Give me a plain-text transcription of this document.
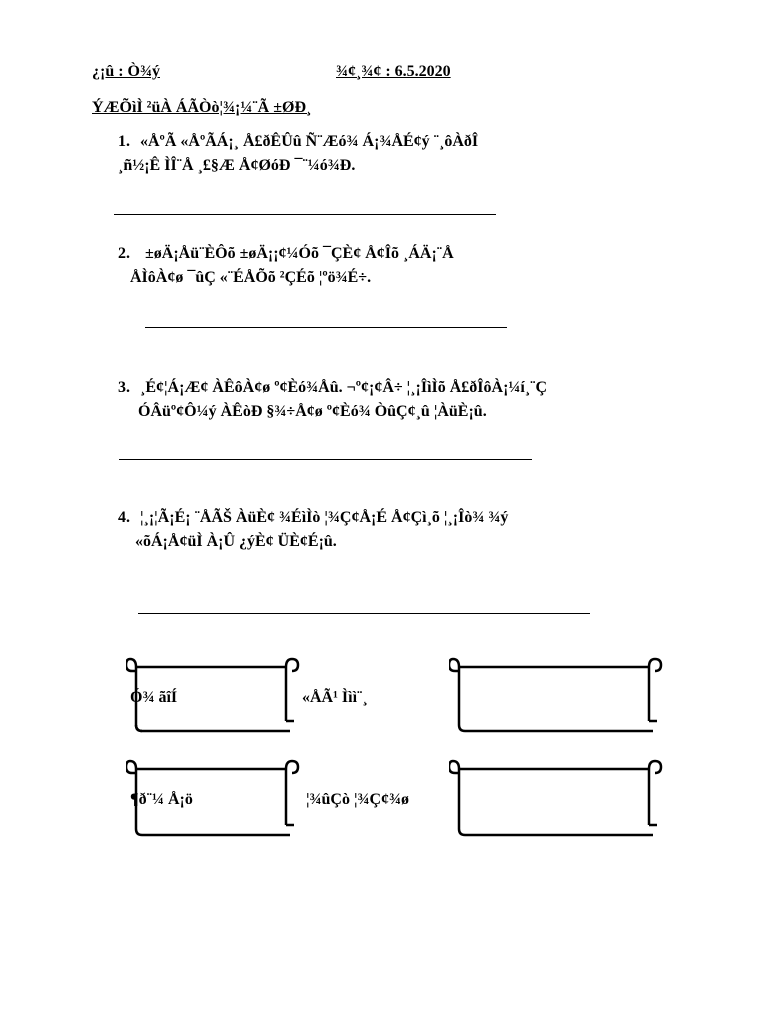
¿¡û : Ò¾ý	¾¢¸¾¢ : 6.5.2020
ÝÆÕìÌ ²üÀ ÁÃÒò¦¾¡¼¨Ã ±ØÐ¸
1. «ÅºÃ «ÅºÃÁ¡¸ Å£ðÊÛû Ñ¨Æó¾ Á¡¾ÅÉ¢ý ¨¸ôÀðÎ
¸ñ½¡Ê ÌÎ¨Å ¸£§Æ Å¢ØóÐ ¯¨¼ó¾Ð.
2. ±øÄ¡Åü¨ÈÔõ ±øÄ¡¡¢¼Óõ ¯ÇÈ¢ Å¢Îõ ¸ÁÄ¡¨Å
ÅÌôÀ¢ø ¯ûÇ «¨ÉÅÕõ ²ÇÉõ ¦ºö¾É÷.
3. ¸É¢¦Á¡Æ¢ ÀÊôÀ¢ø º¢Èó¾Åû. ¬º¢¡¢Â÷ ¦¸¡ÎìÌõ Å£ðÎôÀ¡¼í¸¨Ç
ÓÂüº¢Ô¼ý ÀÊòÐ §¾÷Å¢ø º¢Èó¾ ÒûÇ¢¸û ¦ÀüÈ¡û.
4. ¦¸¡¦Ã¡É¡ ¨ÅÃŠ ÀüÈ¢ ¾ÉìÌò ¦¾Ç¢Å¡É Å¢Çì¸õ ¦¸¡Îò¾ ¾ý
«õÁ¡Å¢üÌ À¡Û ¿ýÈ¢ ÜÈ¢É¡û.
Ó¾ ãîÍ	«ÅÃ¹ Ììì¨¸
¶ð¨¼ Å¡ö	¦¾ûÇò ¦¾Ç¢¾ø
